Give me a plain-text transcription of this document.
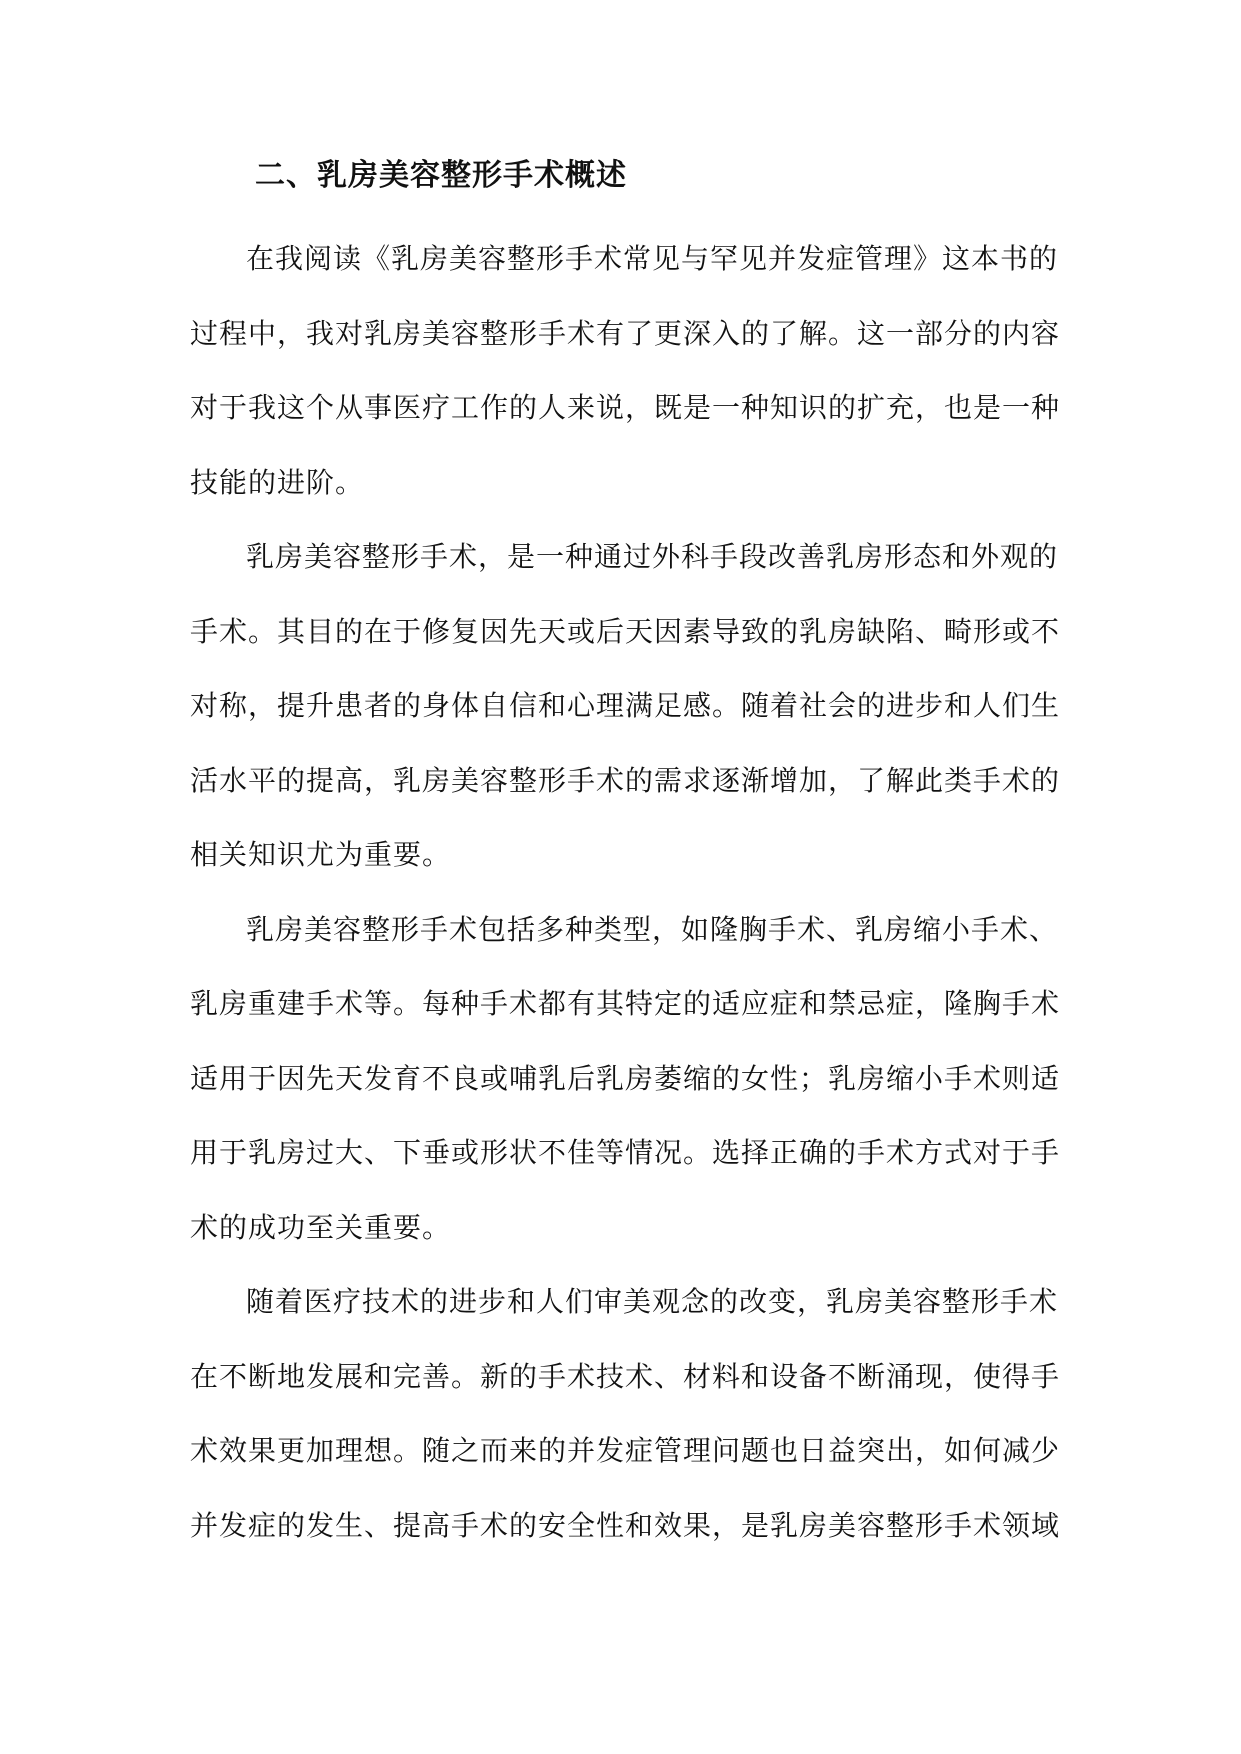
二、乳房美容整形手术概述
在我阅读《乳房美容整形手术常见与罕见并发症管理》这本书的
过程中，我对乳房美容整形手术有了更深入的了解。这一部分的内容
对于我这个从事医疗工作的人来说，既是一种知识的扩充，也是一种
技能的进阶。
乳房美容整形手术，是一种通过外科手段改善乳房形态和外观的
手术。其目的在于修复因先天或后天因素导致的乳房缺陷、畸形或不
对称，提升患者的身体自信和心理满足感。随着社会的进步和人们生
活水平的提高，乳房美容整形手术的需求逐渐增加，了解此类手术的
相关知识尤为重要。
乳房美容整形手术包括多种类型，如隆胸手术、乳房缩小手术、
乳房重建手术等。每种手术都有其特定的适应症和禁忌症，隆胸手术
适用于因先天发育不良或哺乳后乳房萎缩的女性；乳房缩小手术则适
用于乳房过大、下垂或形状不佳等情况。选择正确的手术方式对于手
术的成功至关重要。
随着医疗技术的进步和人们审美观念的改变，乳房美容整形手术
在不断地发展和完善。新的手术技术、材料和设备不断涌现，使得手
术效果更加理想。随之而来的并发症管理问题也日益突出，如何减少
并发症的发生、提高手术的安全性和效果，是乳房美容整形手术领域
